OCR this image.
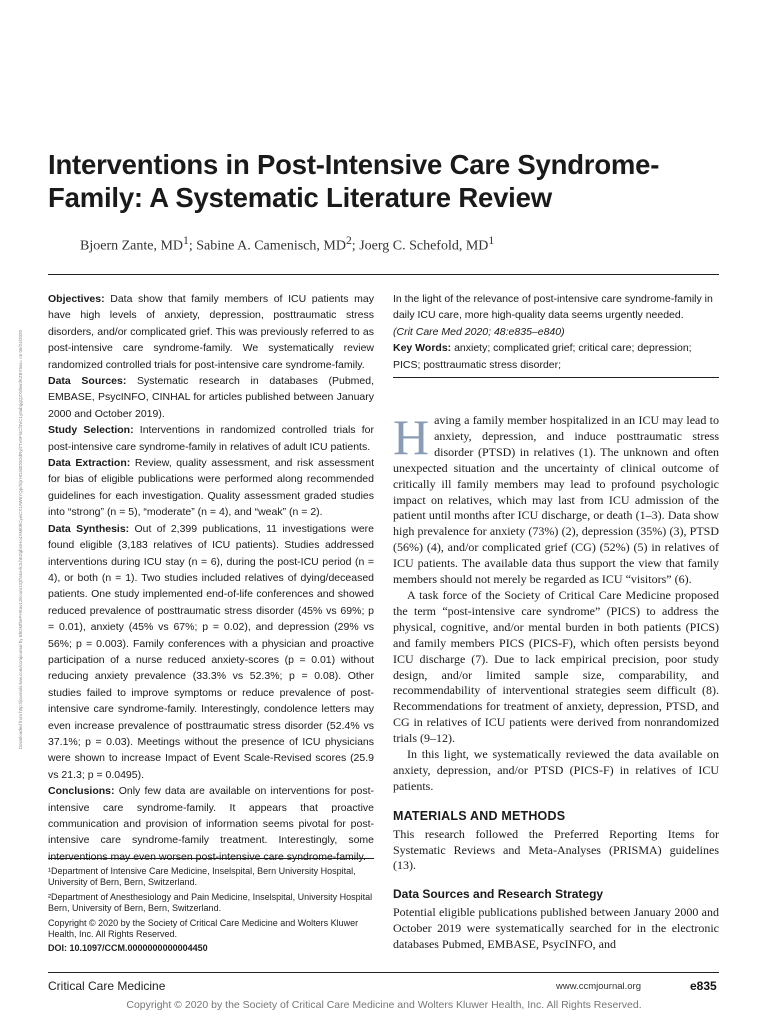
Downloaded from http://journals.lww.com/ccmjournal by BhDMf5ePHKav1zEoum1tQfN4a+kJLhEZgbsIHo4XMi0hCywCX1AWnYQp/IlQrHD3i3D0OdRyi7TvSFl4Cf3VC1y0abggQZXdtwnfKZBYtws= on 06/24/2020
Interventions in Post-Intensive Care Syndrome-Family: A Systematic Literature Review
Bjoern Zante, $MD^1$; Sabine A. Camenisch, $MD^2$; Joerg C. Schefold, $MD^1$

Objectives: Data show that family members of ICU patients may have high levels of anxiety, depression, posttraumatic stress disorders, and/or complicated grief. This was previously referred to as post-intensive care syndrome-family. We systematically review randomized controlled trials for post-intensive care syndrome-family.

Data Sources: Systematic research in databases (Pubmed, EMBASE, PsycINFO, CINHAL for articles published between January 2000 and October 2019).

Study Selection: Interventions in randomized controlled trials for post-intensive care syndrome-family in relatives of adult ICU patients.

Data Extraction: Review, quality assessment, and risk assessment for bias of eligible publications were performed along recommended guidelines for each investigation. Quality assessment graded studies into “strong” (n = 5), “moderate” (n = 4), and “weak” (n = 2).

Data Synthesis: Out of 2,399 publications, 11 investigations were found eligible (3,183 relatives of ICU patients). Studies addressed interventions during ICU stay (n = 6), during the post-ICU period (n = 4), or both (n = 1). Two studies included relatives of dying/deceased patients. One study implemented end-of-life conferences and showed reduced prevalence of posttraumatic stress disorder (45% vs 69%; p = 0.01), anxiety (45% vs 67%; p = 0.02), and depression (29% vs 56%; p = 0.003). Family conferences with a physician and proactive participation of a nurse reduced anxiety-scores (p = 0.01) without reducing anxiety prevalence (33.3% vs 52.3%; p = 0.08). Other studies failed to improve symptoms or reduce prevalence of post-intensive care syndrome-family. Interestingly, condolence letters may even increase prevalence of posttraumatic stress disorder (52.4% vs 37.1%; p = 0.03). Meetings without the presence of ICU physicians were shown to increase Impact of Event Scale-Revised scores (25.9 vs 21.3; p = 0.0495).

Conclusions: Only few data are available on interventions for post-intensive care syndrome-family. It appears that proactive communication and provision of information seems pivotal for post-intensive care syndrome-family treatment. Interestingly, some interventions may even worsen post-intensive care syndrome-family.

In the light of the relevance of post-intensive care syndrome-family in daily ICU care, more high-quality data seems urgently needed.

(Crit Care Med 2020; 48:e835–e840)

Key Words: anxiety; complicated grief; critical care; depression; PICS; posttraumatic stress disorder;

Having a family member hospitalized in an ICU may lead to anxiety, depression, and induce posttraumatic stress disorder (PTSD) in relatives (1). The unknown and often unexpected situation and the uncertainty of clinical outcome of critically ill family members may lead to profound psychologic impact on relatives, which may last from ICU admission of the patient until months after ICU discharge, or death (1–3). Data show high prevalence for anxiety (73%) (2), depression (35%) (3), PTSD (56%) (4), and/or complicated grief (CG) (52%) (5) in relatives of ICU patients. The available data thus support the view that family members should not merely be regarded as ICU “visitors” (6).

A task force of the Society of Critical Care Medicine proposed the term “post-intensive care syndrome” (PICS) to address the physical, cognitive, and/or mental burden in both patients (PICS) and family members PICS (PICS-F), which often persists beyond ICU discharge (7). Due to lack empirical precision, poor study design, and/or limited sample size, comparability, and recommendability of interventional strategies seem difficult (8). Recommendations for treatment of anxiety, depression, PTSD, and CG in relatives of ICU patients were derived from nonrandomized trials (9–12).

In this light, we systematically reviewed the data available on anxiety, depression, and/or PTSD (PICS-F) in relatives of ICU patients.

MATERIALS AND METHODS

This research followed the Preferred Reporting Items for Systematic Reviews and Meta-Analyses (PRISMA) guidelines (13).

Data Sources and Research Strategy

Potential eligible publications published between January 2000 and October 2019 were systematically searched for in the electronic databases Pubmed, EMBASE, PsycINFO, and

¹Department of Intensive Care Medicine, Inselspital, Bern University Hospital, University of Bern, Bern, Switzerland.

²Department of Anesthesiology and Pain Medicine, Inselspital, University Hospital Bern, University of Bern, Bern, Switzerland.

Copyright © 2020 by the Society of Critical Care Medicine and Wolters Kluwer Health, Inc. All Rights Reserved.

DOI: 10.1097/CCM.0000000000004450

Critical Care Medicine	www.ccmjournal.org	e835
Copyright © 2020 by the Society of Critical Care Medicine and Wolters Kluwer Health, Inc. All Rights Reserved.
